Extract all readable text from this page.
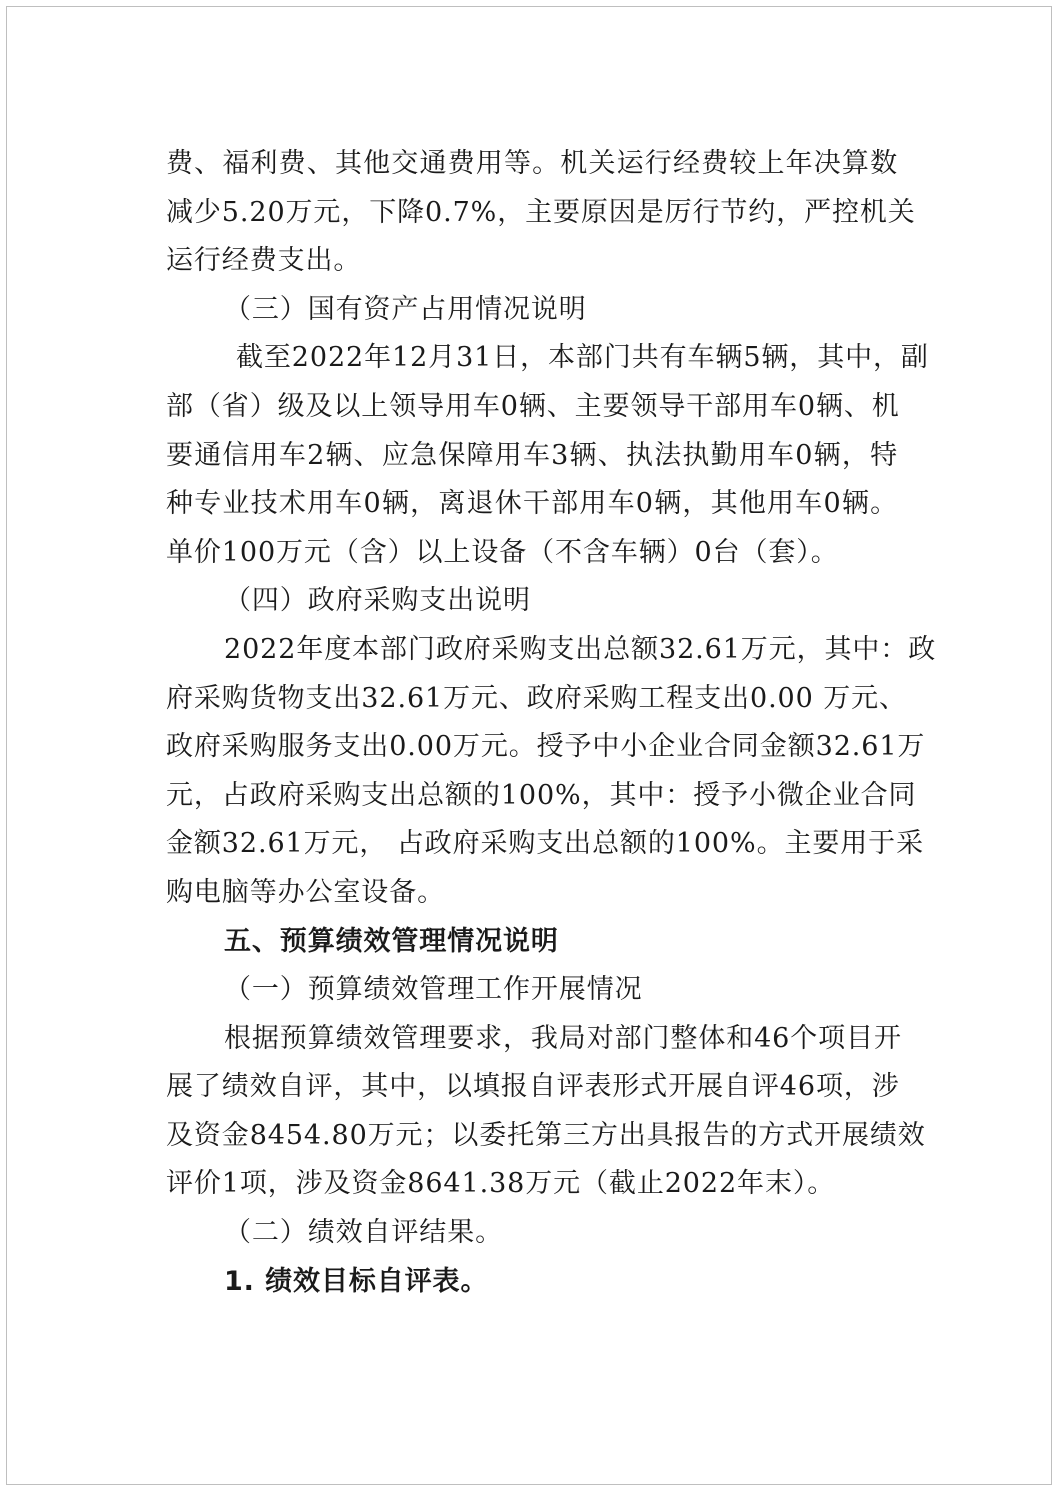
费、福利费、其他交通费用等。机关运行经费较上年决算数
减少5.20万元，下降0.7%，主要原因是厉行节约，严控机关
运行经费支出。
（三）国有资产占用情况说明
截至2022年12月31日，本部门共有车辆5辆，其中，副
部（省）级及以上领导用车0辆、主要领导干部用车0辆、机
要通信用车2辆、应急保障用车3辆、执法执勤用车0辆，特
种专业技术用车0辆，离退休干部用车0辆，其他用车0辆。
单价100万元（含）以上设备（不含车辆）0台（套）。
（四）政府采购支出说明
2022年度本部门政府采购支出总额32.61万元，其中：政
府采购货物支出32.61万元、政府采购工程支出0.00 万元、
政府采购服务支出0.00万元。授予中小企业合同金额32.61万
元，占政府采购支出总额的100%，其中：授予小微企业合同
金额32.61万元， 占政府采购支出总额的100%。主要用于采
购电脑等办公室设备。
五、预算绩效管理情况说明
（一）预算绩效管理工作开展情况
根据预算绩效管理要求，我局对部门整体和46个项目开
展了绩效自评，其中，以填报自评表形式开展自评46项，涉
及资金8454.80万元；以委托第三方出具报告的方式开展绩效
评价1项，涉及资金8641.38万元（截止2022年末）。
（二）绩效自评结果。
1. 绩效目标自评表。
